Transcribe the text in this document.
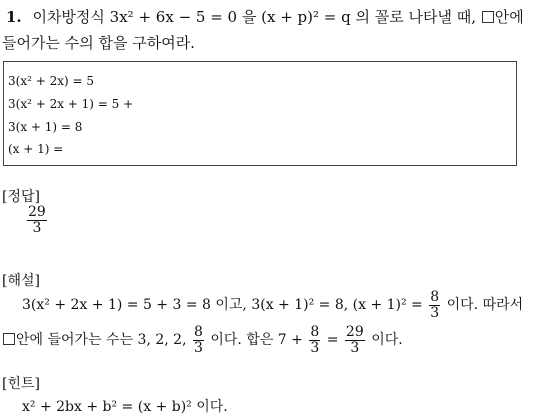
1. 이차방정식 3x² + 6x − 5 = 0 을 (x + p)² = q 의 꼴로 나타낼 때, 안에
들어가는 수의 합을 구하여라.
3(x² + 2x) = 5
3(x² + 2x + 1) = 5 +
3(x + 1) = 8
(x + 1) =
[정답]
$\frac{29}{3}$
[해설]
3(x² + 2x + 1) = 5 + 3 = 8 이고, 3(x + 1)² = 8, $(x + 1)^2 = \frac{8}{3}$ 이다. 따라서
안에 들어가는 수는 3, 2, 2, $\frac{8}{3}$ 이다. 합은 $7 + \frac{8}{3} = \frac{29}{3}$ 이다.
[힌트]
x² + 2bx + b² = (x + b)² 이다.
